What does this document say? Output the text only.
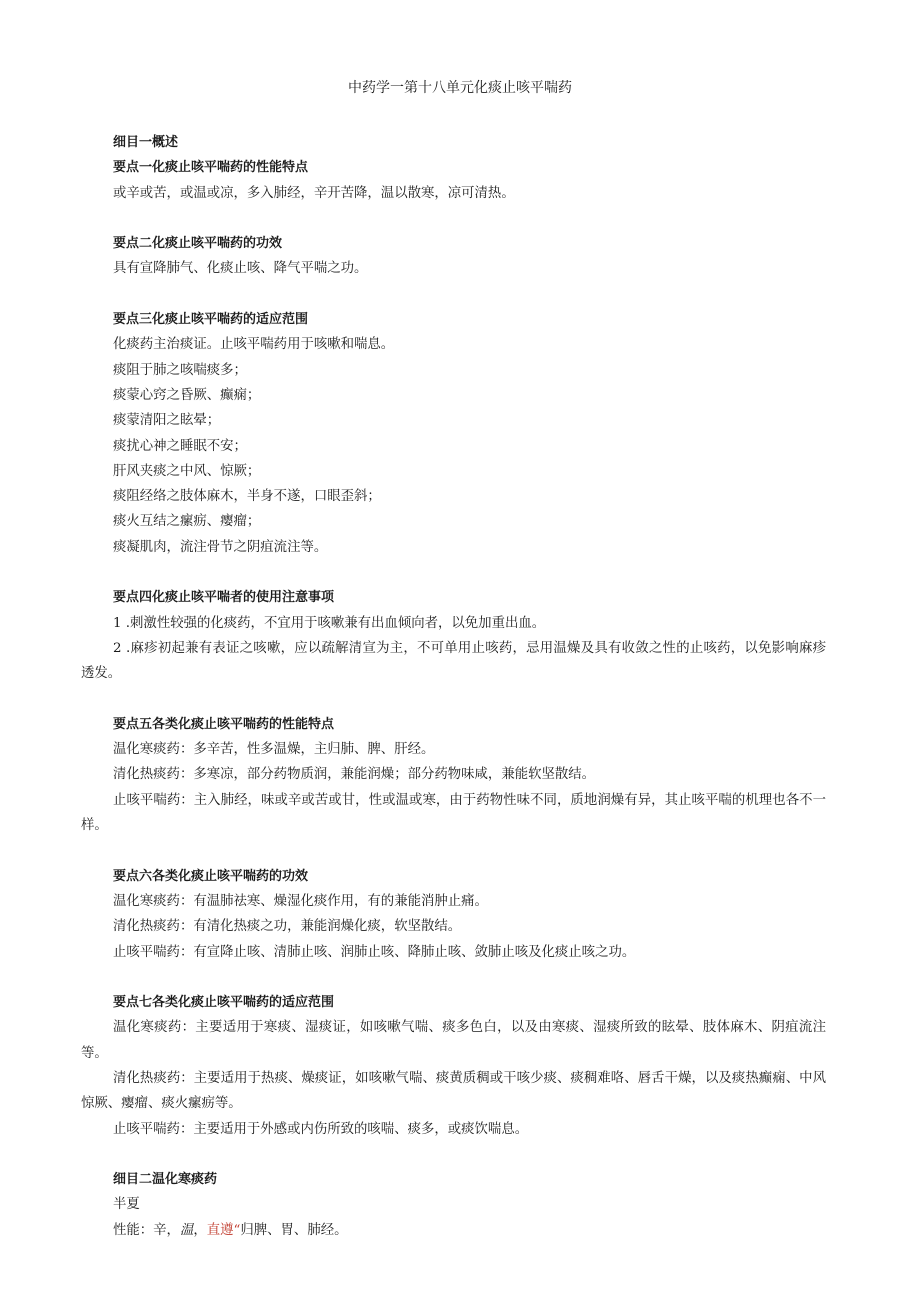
中药学一第十八单元化痰止咳平喘药
细目一概述
要点一化痰止咳平喘药的性能特点
或辛或苦，或温或凉，多入肺经，辛开苦降，温以散寒，凉可清热。
要点二化痰止咳平喘药的功效
具有宣降肺气、化痰止咳、降气平喘之功。
要点三化痰止咳平喘药的适应范围
化痰药主治痰证。止咳平喘药用于咳嗽和喘息。
痰阻于肺之咳喘痰多；
痰蒙心窍之昏厥、癫痫；
痰蒙清阳之眩晕；
痰扰心神之睡眠不安；
肝风夹痰之中风、惊厥；
痰阻经络之肢体麻木，半身不遂，口眼歪斜；
痰火互结之瘰疬、瘿瘤；
痰凝肌肉，流注骨节之阴疽流注等。
要点四化痰止咳平喘者的使用注意事项
1 .刺激性较强的化痰药，不宜用于咳嗽兼有出血倾向者，以免加重出血。
2 .麻疹初起兼有表证之咳嗽，应以疏解清宣为主，不可单用止咳药，忌用温燥及具有收敛之性的止咳药，以免影响麻疹透发。
要点五各类化痰止咳平喘药的性能特点
温化寒痰药：多辛苦，性多温燥，主归肺、脾、肝经。
清化热痰药：多寒凉，部分药物质润，兼能润燥；部分药物味咸，兼能软坚散结。
止咳平喘药：主入肺经，味或辛或苦或甘，性或温或寒，由于药物性味不同，质地润燥有异，其止咳平喘的机理也各不一样。
要点六各类化痰止咳平喘药的功效
温化寒痰药：有温肺祛寒、燥湿化痰作用，有的兼能消肿止痛。
清化热痰药：有清化热痰之功，兼能润燥化痰，软坚散结。
止咳平喘药：有宣降止咳、清肺止咳、润肺止咳、降肺止咳、敛肺止咳及化痰止咳之功。
要点七各类化痰止咳平喘药的适应范围
温化寒痰药：主要适用于寒痰、湿痰证，如咳嗽气喘、痰多色白，以及由寒痰、湿痰所致的眩晕、肢体麻木、阴疽流注等。
清化热痰药：主要适用于热痰、燥痰证，如咳嗽气喘、痰黄质稠或干咳少痰、痰稠难咯、唇舌干燥，以及痰热癫痫、中风惊厥、瘿瘤、痰火瘰疬等。
止咳平喘药：主要适用于外感或内伤所致的咳喘、痰多，或痰饮喘息。
细目二温化寒痰药
半夏
性能：辛，温，直遵“归脾、胃、肺经。
